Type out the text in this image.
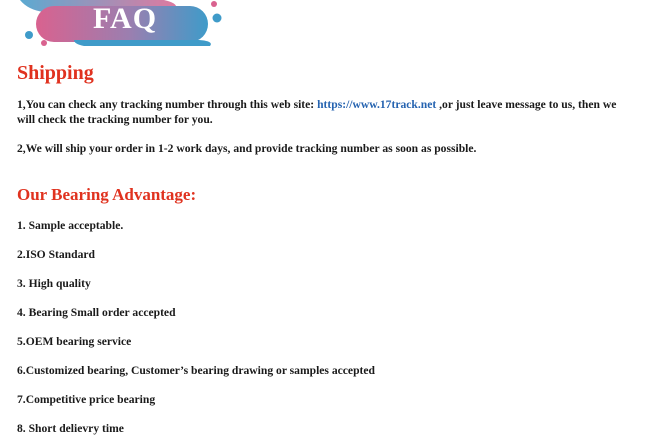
FAQ
Shipping

1,You can check any tracking number through this web site: https://www.17track.net ,or just leave message to us, then we will check the tracking number for you.

2,We will ship your order in 1-2 work days, and provide tracking number as soon as possible.

Our Bearing Advantage:

1. Sample acceptable.

2.ISO Standard

3. High quality

4. Bearing Small order accepted

5.OEM bearing service

6.Customized bearing, Customer’s bearing drawing or samples accepted

7.Competitive price bearing

8. Short delievry time
